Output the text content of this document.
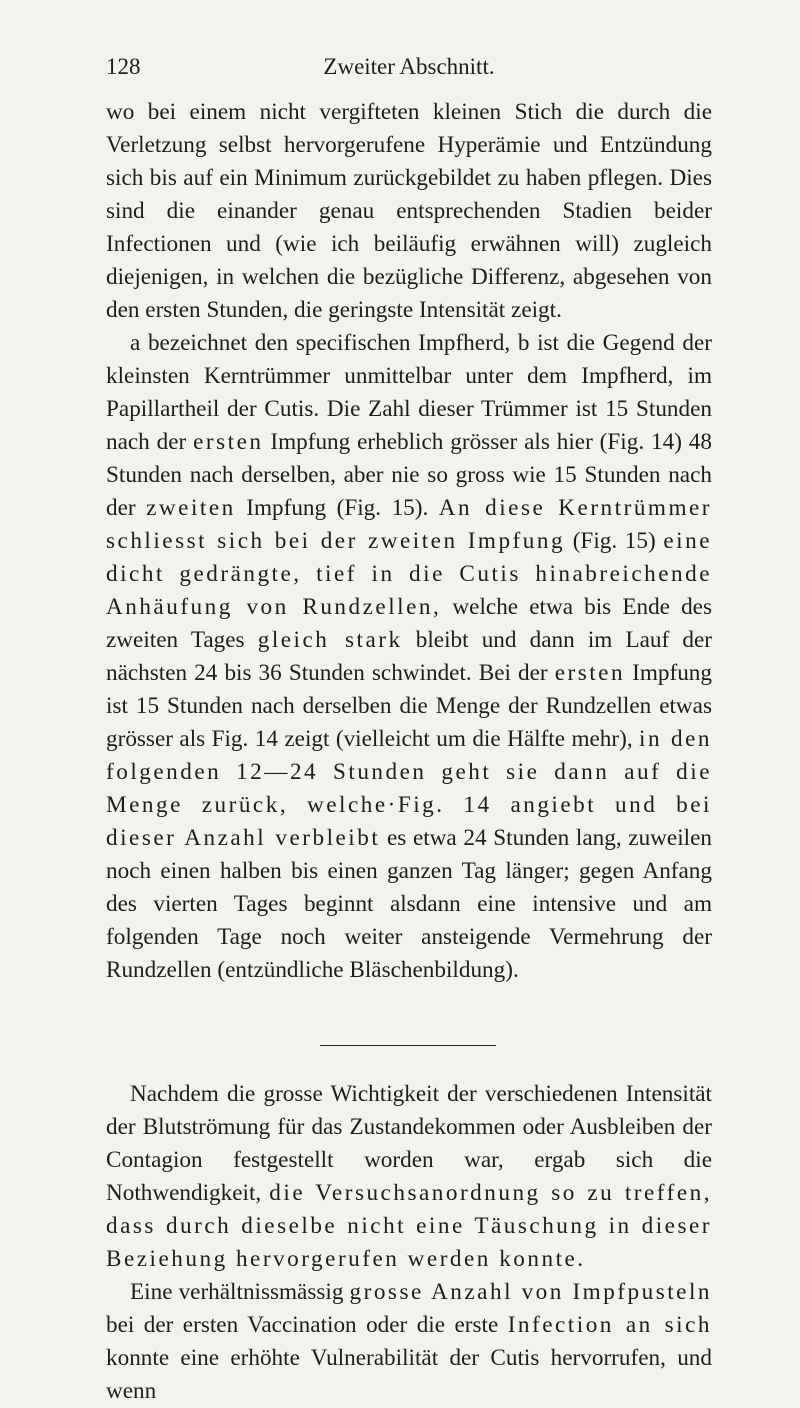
128	Zweiter Abschnitt.

wo bei einem nicht vergifteten kleinen Stich die durch die Verletzung selbst hervorgerufene Hyperämie und Entzündung sich bis auf ein Minimum zurückgebildet zu haben pflegen. Dies sind die einander genau entsprechenden Stadien beider Infectionen und (wie ich beiläufig erwähnen will) zugleich diejenigen, in welchen die bezügliche Differenz, abgesehen von den ersten Stunden, die geringste Intensität zeigt.

a bezeichnet den specifischen Impfherd, b ist die Gegend der kleinsten Kerntrümmer unmittelbar unter dem Impfherd, im Papillartheil der Cutis. Die Zahl dieser Trümmer ist 15 Stunden nach der ersten Impfung erheblich grösser als hier (Fig. 14) 48 Stunden nach derselben, aber nie so gross wie 15 Stunden nach der zweiten Impfung (Fig. 15). An diese Kerntrümmer schliesst sich bei der zweiten Impfung (Fig. 15) eine dicht gedrängte, tief in die Cutis hinabreichende Anhäufung von Rundzellen, welche etwa bis Ende des zweiten Tages gleich stark bleibt und dann im Lauf der nächsten 24 bis 36 Stunden schwindet. Bei der ersten Impfung ist 15 Stunden nach derselben die Menge der Rundzellen etwas grösser als Fig. 14 zeigt (vielleicht um die Hälfte mehr), in den folgenden 12—24 Stunden geht sie dann auf die Menge zurück, welche·Fig. 14 angiebt und bei dieser Anzahl verbleibt es etwa 24 Stunden lang, zuweilen noch einen halben bis einen ganzen Tag länger; gegen Anfang des vierten Tages beginnt alsdann eine intensive und am folgenden Tage noch weiter ansteigende Vermehrung der Rundzellen (entzündliche Bläschenbildung).

Nachdem die grosse Wichtigkeit der verschiedenen Intensität der Blutströmung für das Zustandekommen oder Ausbleiben der Contagion festgestellt worden war, ergab sich die Nothwendigkeit, die Versuchsanordnung so zu treffen, dass durch dieselbe nicht eine Täuschung in dieser Beziehung hervorgerufen werden konnte.

Eine verhältnissmässig grosse Anzahl von Impfpusteln bei der ersten Vaccination oder die erste Infection an sich konnte eine erhöhte Vulnerabilität der Cutis hervorrufen, und wenn
